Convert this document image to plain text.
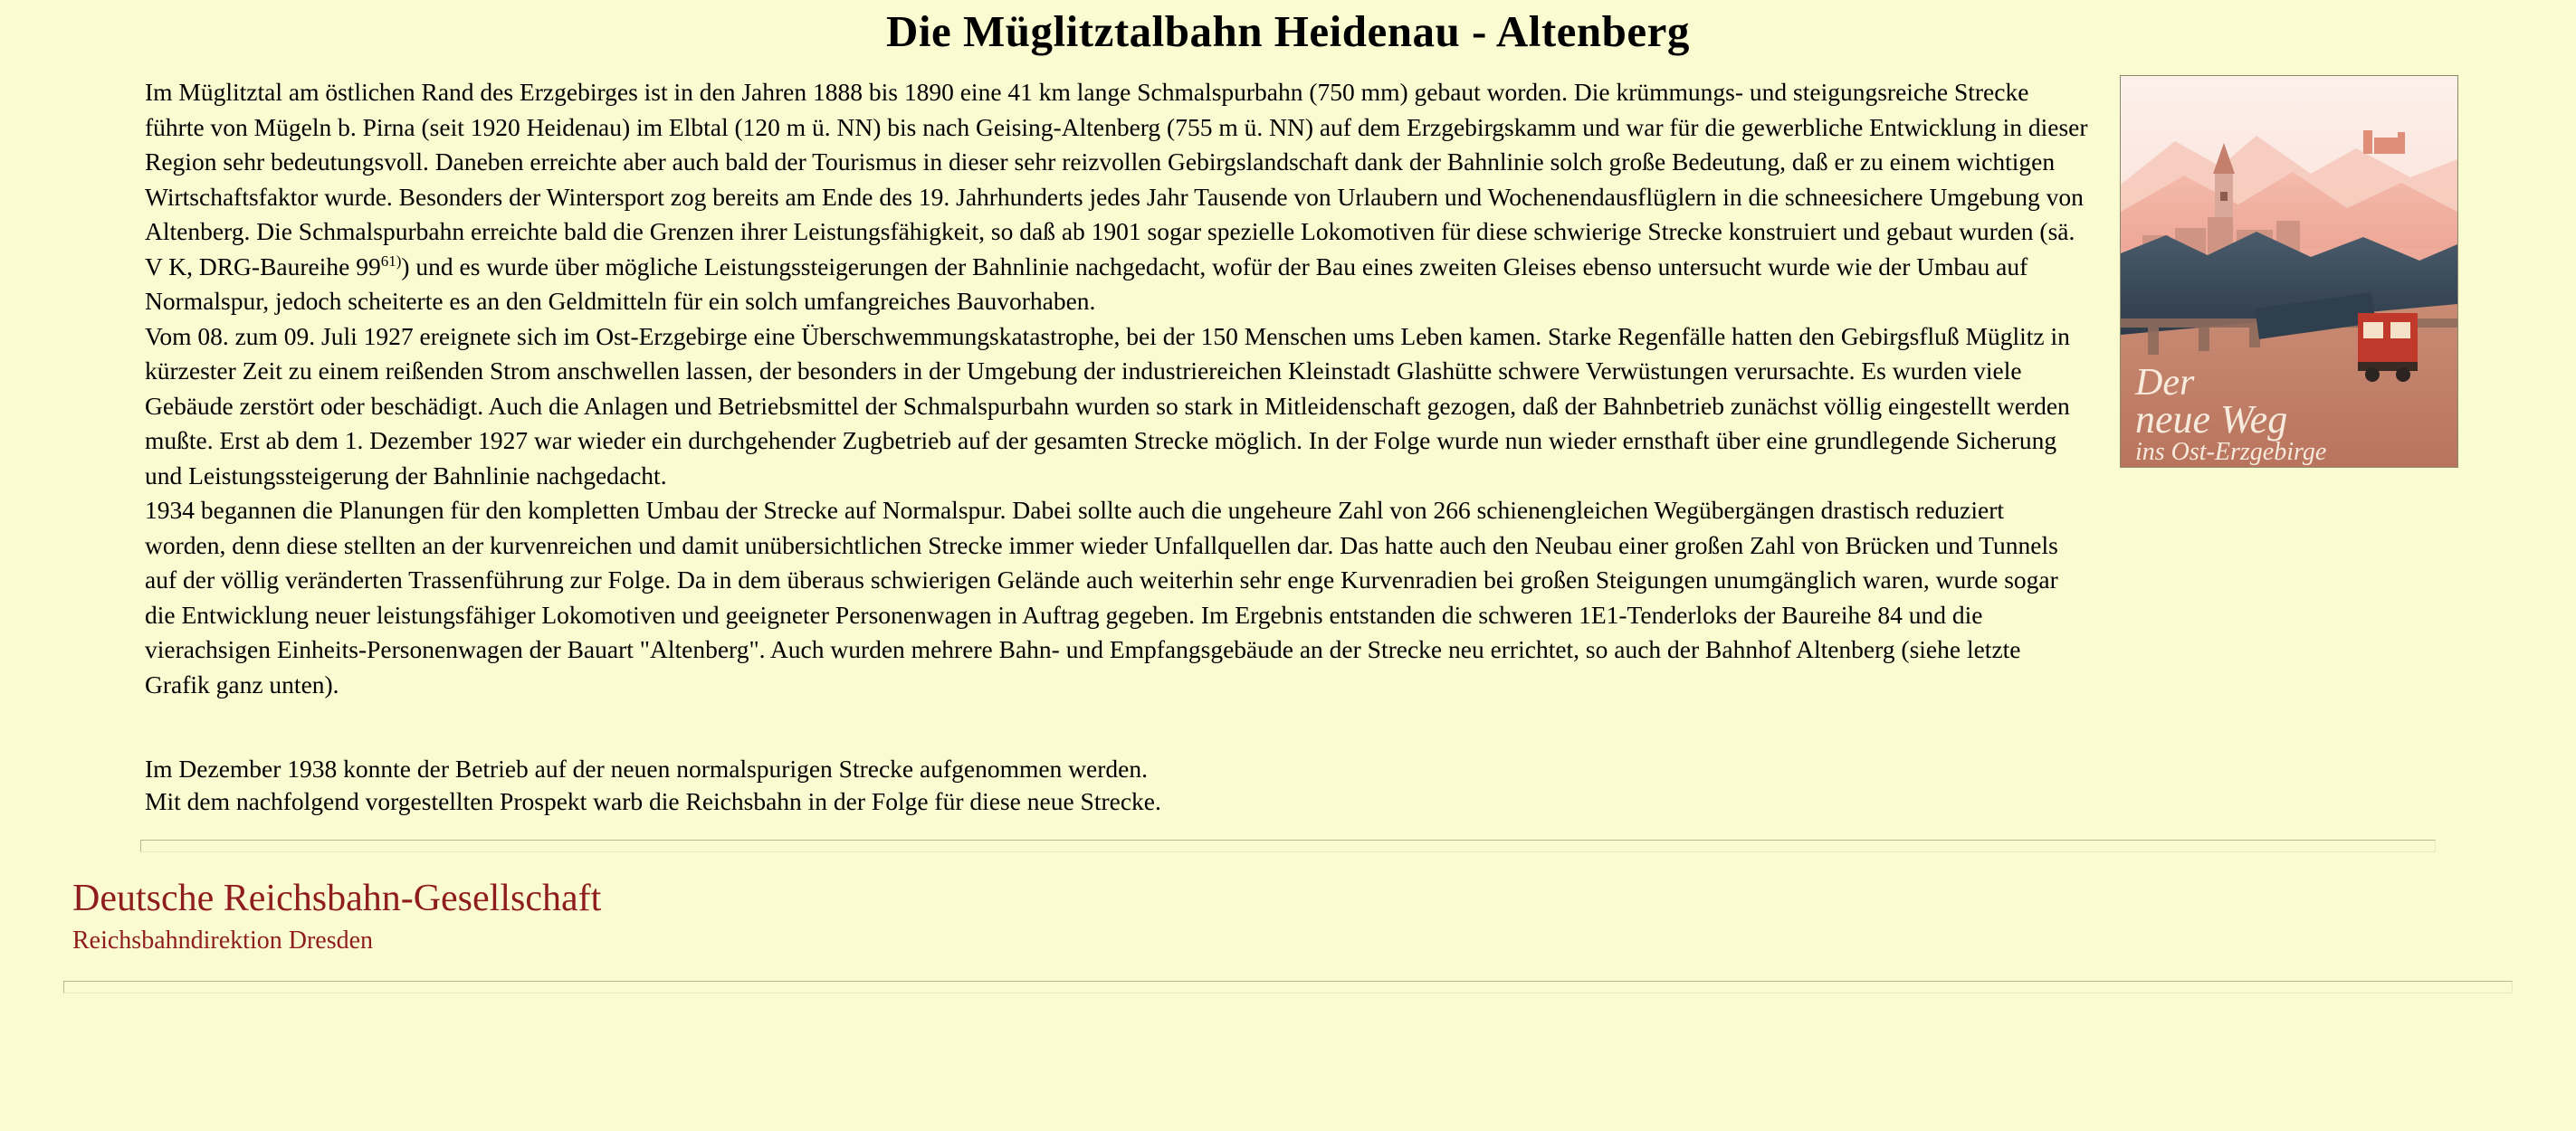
Die Müglitztalbahn Heidenau - Altenberg
Der
neue Weg
ins Ost-Erzgebirge

Im Müglitztal am östlichen Rand des Erzgebirges ist in den Jahren 1888 bis 1890 eine 41 km lange Schmalspurbahn (750 mm) gebaut worden. Die krümmungs- und steigungsreiche Strecke führte von Mügeln b. Pirna (seit 1920 Heidenau) im Elbtal (120 m ü. NN) bis nach Geising-Altenberg (755 m ü. NN) auf dem Erzgebirgskamm und war für die gewerbliche Entwicklung in dieser Region sehr bedeutungsvoll. Daneben erreichte aber auch bald der Tourismus in dieser sehr reizvollen Gebirgslandschaft dank der Bahnlinie solch große Bedeutung, daß er zu einem wichtigen Wirtschaftsfaktor wurde. Besonders der Wintersport zog bereits am Ende des 19. Jahrhunderts jedes Jahr Tausende von Urlaubern und Wochenendausflüglern in die schneesichere Umgebung von Altenberg. Die Schmalspurbahn erreichte bald die Grenzen ihrer Leistungsfähigkeit, so daß ab 1901 sogar spezielle Lokomotiven für diese schwierige Strecke konstruiert und gebaut wurden (sä. V K, DRG-Baureihe 99$^{61)}$) und es wurde über mögliche Leistungssteigerungen der Bahnlinie nachgedacht, wofür der Bau eines zweiten Gleises ebenso untersucht wurde wie der Umbau auf Normalspur, jedoch scheiterte es an den Geldmitteln für ein solch umfangreiches Bauvorhaben.

Vom 08. zum 09. Juli 1927 ereignete sich im Ost-Erzgebirge eine Überschwemmungskatastrophe, bei der 150 Menschen ums Leben kamen. Starke Regenfälle hatten den Gebirgsfluß Müglitz in kürzester Zeit zu einem reißenden Strom anschwellen lassen, der besonders in der Umgebung der industriereichen Kleinstadt Glashütte schwere Verwüstungen verursachte. Es wurden viele Gebäude zerstört oder beschädigt. Auch die Anlagen und Betriebsmittel der Schmalspurbahn wurden so stark in Mitleidenschaft gezogen, daß der Bahnbetrieb zunächst völlig eingestellt werden mußte. Erst ab dem 1. Dezember 1927 war wieder ein durchgehender Zugbetrieb auf der gesamten Strecke möglich. In der Folge wurde nun wieder ernsthaft über eine grundlegende Sicherung und Leistungssteigerung der Bahnlinie nachgedacht.

1934 begannen die Planungen für den kompletten Umbau der Strecke auf Normalspur. Dabei sollte auch die ungeheure Zahl von 266 schienengleichen Wegübergängen drastisch reduziert worden, denn diese stellten an der kurvenreichen und damit unübersichtlichen Strecke immer wieder Unfallquellen dar. Das hatte auch den Neubau einer großen Zahl von Brücken und Tunnels auf der völlig veränderten Trassenführung zur Folge. Da in dem überaus schwierigen Gelände auch weiterhin sehr enge Kurvenradien bei großen Steigungen unumgänglich waren, wurde sogar die Entwicklung neuer leistungsfähiger Lokomotiven und geeigneter Personenwagen in Auftrag gegeben. Im Ergebnis entstanden die schweren 1E1-Tenderloks der Baureihe 84 und die vierachsigen Einheits-Personenwagen der Bauart "Altenberg". Auch wurden mehrere Bahn- und Empfangsgebäude an der Strecke neu errichtet, so auch der Bahnhof Altenberg (siehe letzte Grafik ganz unten).

Im Dezember 1938 konnte der Betrieb auf der neuen normalspurigen Strecke aufgenommen werden.
Mit dem nachfolgend vorgestellten Prospekt warb die Reichsbahn in der Folge für diese neue Strecke.
Deutsche Reichsbahn-Gesellschaft
Reichsbahndirektion Dresden
